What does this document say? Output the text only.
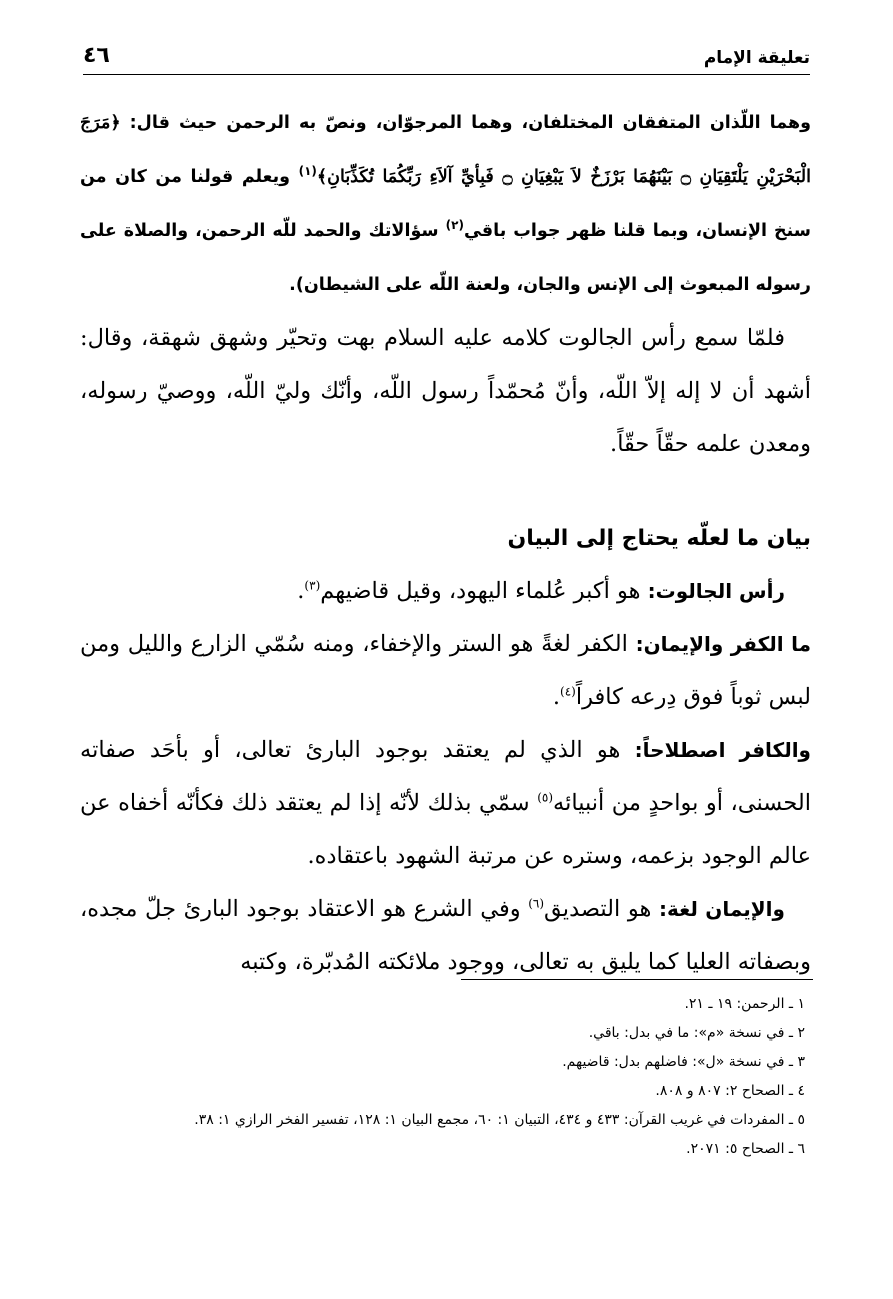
تعليقة الإمام
٤٦

وهما اللّذان المتفقان المختلفان، وهما المرجوّان، ونصّ به الرحمن حيث قال: ﴿مَرَجَ الْبَحْرَيْنِ يَلْتَقِيَانِ ۝ بَيْنَهُمَا بَرْزَخٌ لاَ يَبْغِيَانِ ۝ فَبِأيِّ آلاَءِ رَبِّكُمَا تُكَذِّبَانِ﴾$^{(١)}$ ويعلم قولنا من كان من سنخ الإنسان، وبما قلنا ظهر جواب باقي$^{(٢)}$ سؤالاتك والحمد للّه الرحمن، والصلاة على رسوله المبعوث إلى الإنس والجان، ولعنة اللّه على الشيطان).

فلمّا سمع رأس الجالوت كلامه عليه السلام بهت وتحيّر وشهق شهقة، وقال: أشهد أن لا إله إلاّ اللّه، وأنّ مُحمّداً رسول اللّه، وأنّك وليّ اللّه، ووصيّ رسوله، ومعدن علمه حقّاً حقّاً.

بيان ما لعلّه يحتاج إلى البيان

رأس الجالوت: هو أكبر عُلماء اليهود، وقيل قاضيهم$^{(٣)}$.

ما الكفر والإيمان: الكفر لغةً هو الستر والإخفاء، ومنه سُمّي الزارع والليل ومن لبس ثوباً فوق دِرعه كافراً$^{(٤)}$.

والكافر اصطلاحاً: هو الذي لم يعتقد بوجود البارئ تعالى، أو بأحَد صفاته الحسنى، أو بواحدٍ من أنبيائه$^{(٥)}$ سمّي بذلك لأنّه إذا لم يعتقد ذلك فكأنّه أخفاه عن عالم الوجود بزعمه، وستره عن مرتبة الشهود باعتقاده.

والإيمان لغة: هو التصديق$^{(٦)}$ وفي الشرع هو الاعتقاد بوجود البارئ جلّ مجده، وبصفاته العليا كما يليق به تعالى، ووجود ملائكته المُدبّرة، وكتبه

١ ـ الرحمن: ١٩ ـ ٢١.

٢ ـ في نسخة «م»: ما في بدل: باقي.

٣ ـ في نسخة «ل»: فاضلهم بدل: قاضيهم.

٤ ـ الصحاح ٢: ٨٠٧ و ٨٠٨.

٥ ـ المفردات في غريب القرآن: ٤٣٣ و ٤٣٤، التبيان ١: ٦٠، مجمع البيان ١: ١٢٨، تفسير الفخر الرازي ١: ٣٨.

٦ ـ الصحاح ٥: ٢٠٧١.
